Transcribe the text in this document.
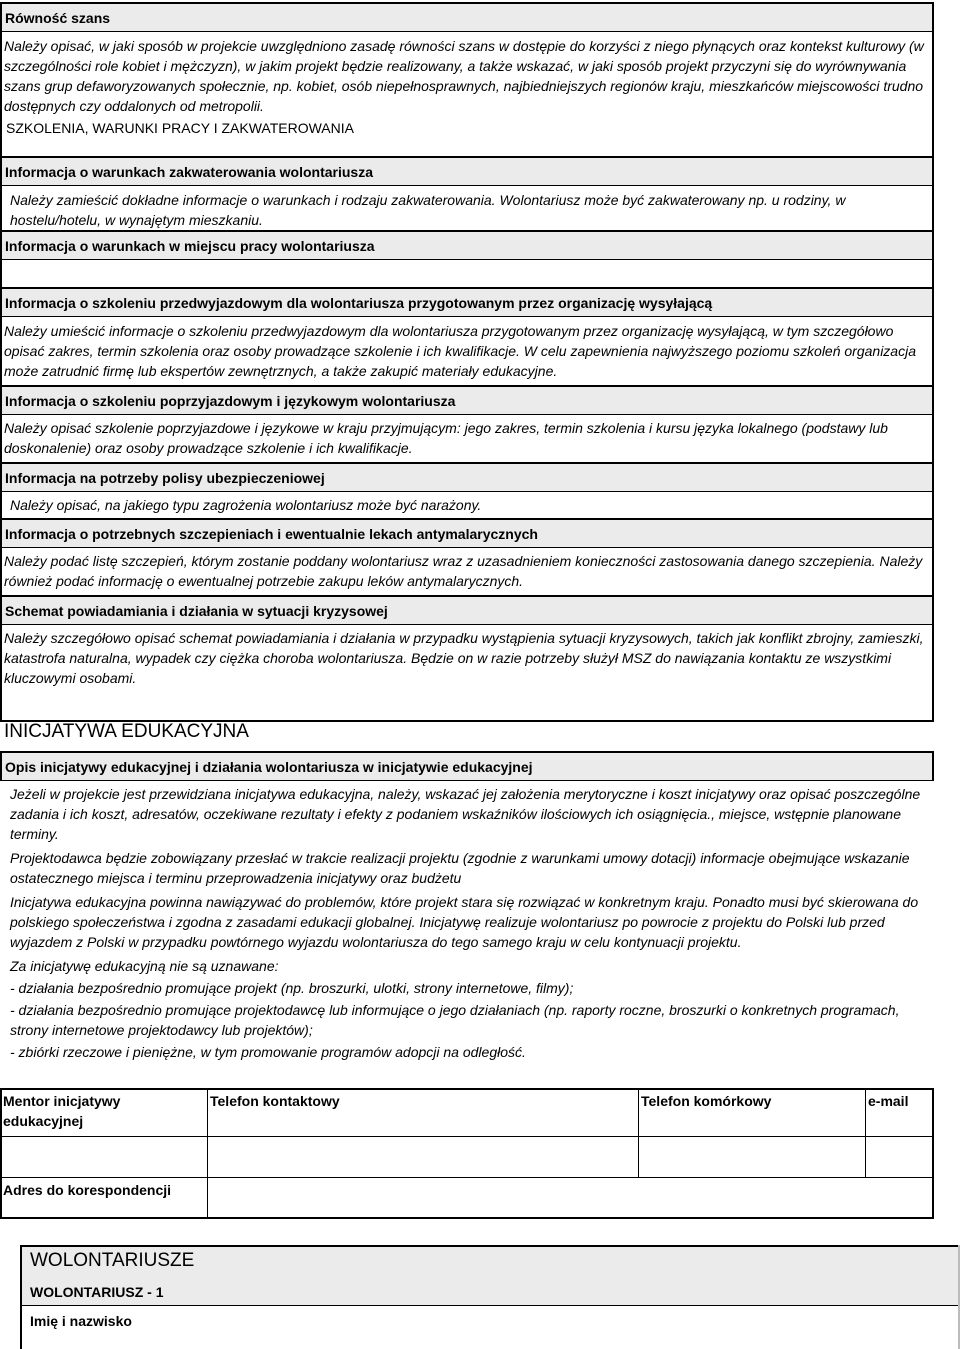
Równość szans
Należy opisać, w jaki sposób w projekcie uwzględniono zasadę równości szans w dostępie do korzyści z niego płynących oraz kontekst kulturowy (w szczególności role kobiet i mężczyzn), w jakim projekt będzie realizowany, a także wskazać, w jaki sposób projekt przyczyni się do wyrównywania szans grup defaworyzowanych społecznie, np. kobiet, osób niepełnosprawnych, najbiedniejszych regionów kraju, mieszkańców miejscowości trudno dostępnych czy oddalonych od metropolii.
SZKOLENIA, WARUNKI PRACY I ZAKWATEROWANIA
Informacja o warunkach zakwaterowania wolontariusza
Należy zamieścić dokładne informacje o warunkach i rodzaju zakwaterowania. Wolontariusz może być zakwaterowany np. u rodziny, w hostelu/hotelu, w wynajętym mieszkaniu.
Informacja o warunkach w miejscu pracy wolontariusza
Informacja o szkoleniu przedwyjazdowym dla wolontariusza przygotowanym przez organizację wysyłającą
Należy umieścić informacje o szkoleniu przedwyjazdowym dla wolontariusza przygotowanym przez organizację wysyłającą, w tym szczegółowo opisać zakres, termin szkolenia oraz osoby prowadzące szkolenie i ich kwalifikacje. W celu zapewnienia najwyższego poziomu szkoleń organizacja może zatrudnić firmę lub ekspertów zewnętrznych, a także zakupić materiały edukacyjne.
Informacja o szkoleniu poprzyjazdowym i językowym wolontariusza
Należy opisać szkolenie poprzyjazdowe i językowe w kraju przyjmującym: jego zakres, termin szkolenia i kursu języka lokalnego (podstawy lub doskonalenie) oraz osoby prowadzące szkolenie i ich kwalifikacje.
Informacja na potrzeby polisy ubezpieczeniowej
Należy opisać, na jakiego typu zagrożenia wolontariusz może być narażony.
Informacja o potrzebnych szczepieniach i ewentualnie lekach antymalarycznych
Należy podać listę szczepień, którym zostanie poddany wolontariusz wraz z uzasadnieniem konieczności zastosowania danego szczepienia. Należy również podać informację o ewentualnej potrzebie zakupu leków antymalarycznych.
Schemat powiadamiania i działania w sytuacji kryzysowej
Należy szczegółowo opisać schemat powiadamiania i działania w przypadku wystąpienia sytuacji kryzysowych, takich jak konflikt zbrojny, zamieszki, katastrofa naturalna, wypadek czy ciężka choroba wolontariusza. Będzie on w razie potrzeby służył MSZ do nawiązania kontaktu ze wszystkimi kluczowymi osobami.
INICJATYWA EDUKACYJNA
Opis inicjatywy edukacyjnej i działania wolontariusza w inicjatywie edukacyjnej
Jeżeli w projekcie jest przewidziana inicjatywa edukacyjna, należy, wskazać jej założenia merytoryczne i koszt inicjatywy oraz opisać poszczególne zadania i ich koszt, adresatów, oczekiwane rezultaty i efekty z podaniem wskaźników ilościowych ich osiągnięcia., miejsce, wstępnie planowane terminy.
Projektodawca będzie zobowiązany przesłać w trakcie realizacji projektu (zgodnie z warunkami umowy dotacji) informacje obejmujące wskazanie ostatecznego miejsca i terminu przeprowadzenia inicjatywy oraz budżetu
Inicjatywa edukacyjna powinna nawiązywać do problemów, które projekt stara się rozwiązać w konkretnym kraju. Ponadto musi być skierowana do polskiego społeczeństwa i zgodna z zasadami edukacji globalnej. Inicjatywę realizuje wolontariusz po powrocie z projektu do Polski lub przed wyjazdem z Polski w przypadku powtórnego wyjazdu wolontariusza do tego samego kraju w celu kontynuacji projektu.
Za inicjatywę edukacyjną nie są uznawane:
- działania bezpośrednio promujące projekt (np. broszurki, ulotki, strony internetowe, filmy);
- działania bezpośrednio promujące projektodawcę lub informujące o jego działaniach (np. raporty roczne, broszurki o konkretnych programach, strony internetowe projektodawcy lub projektów);
- zbiórki rzeczowe i pieniężne, w tym promowanie programów adopcji na odległość.
Mentor inicjatywy edukacyjnej
Telefon kontaktowy	Telefon komórkowy	e-mail
Adres do korespondencji
WOLONTARIUSZE
WOLONTARIUSZ - 1
Imię i nazwisko
